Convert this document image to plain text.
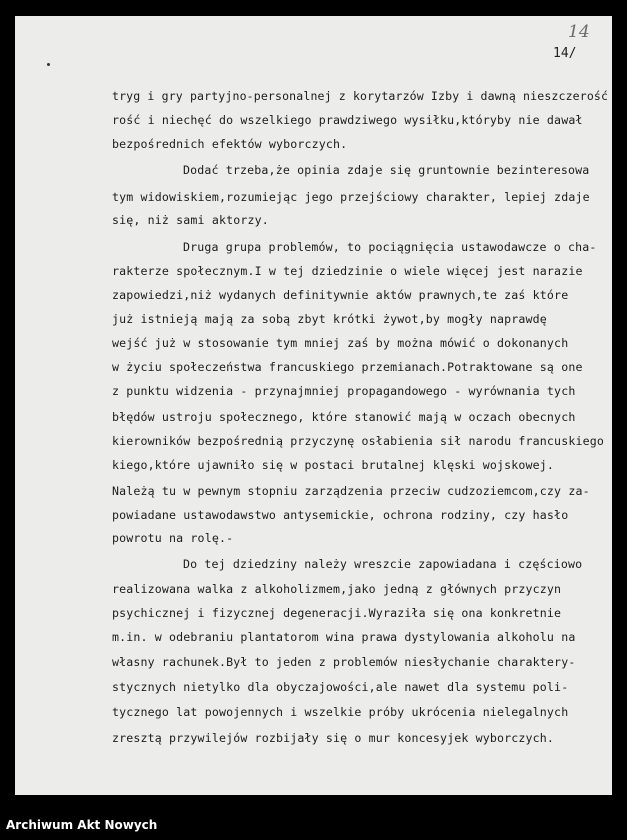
14
14/
tryg i gry partyjno-personalnej z korytarzów Izby i dawną nieszczerość
rość i niechęć do wszelkiego prawdziwego wysiłku,któryby nie dawał
bezpośrednich efektów wyborczych.
Dodać trzeba,że opinia zdaje się gruntownie bezinteresowa
tym widowiskiem,rozumiejąc jego przejściowy charakter, lepiej zdaje
się, niż sami aktorzy.
Druga grupa problemów, to pociągnięcia ustawodawcze o cha-
rakterze społecznym.I w tej dziedzinie o wiele więcej jest narazie
zapowiedzi,niż wydanych definitywnie aktów prawnych,te zaś które
już istnieją mają za sobą zbyt krótki żywot,by mogły naprawdę
wejść już w stosowanie tym mniej zaś by można mówić o dokonanych
w życiu społeczeństwa francuskiego przemianach.Potraktowane są one
z punktu widzenia - przynajmniej propagandowego - wyrównania tych
błędów ustroju społecznego, które stanowić mają w oczach obecnych
kierowników bezpośrednią przyczynę osłabienia sił narodu francuskiego
kiego,które ujawniło się w postaci brutalnej klęski wojskowej.
Należą tu w pewnym stopniu zarządzenia przeciw cudzoziemcom,czy za-
powiadane ustawodawstwo antysemickie, ochrona rodziny, czy hasło
powrotu na rolę.-
Do tej dziedziny należy wreszcie zapowiadana i częściowo
realizowana walka z alkoholizmem,jako jedną z głównych przyczyn
psychicznej i fizycznej degeneracji.Wyraziła się ona konkretnie
m.in. w odebraniu plantatorom wina prawa dystylowania alkoholu na
własny rachunek.Był to jeden z problemów niesłychanie charaktery-
stycznych nietylko dla obyczajowości,ale nawet dla systemu poli-
tycznego lat powojennych i wszelkie próby ukrócenia nielegalnych
zresztą przywilejów rozbijały się o mur koncesyjek wyborczych.
Archiwum Akt Nowych
